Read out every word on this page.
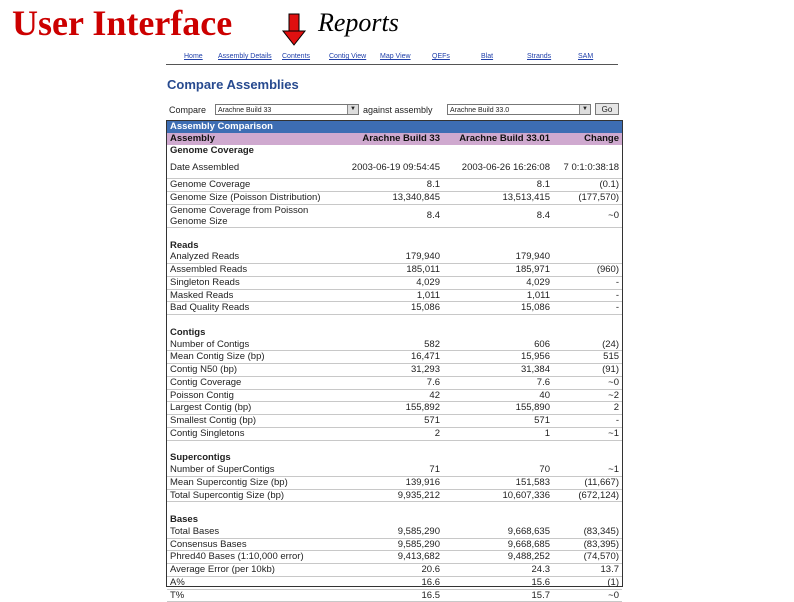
User Interface	Reports
Home Assembly Details Contents	Contig View Map View	QEFs	Blat	Strands	SAM
Compare Assemblies
Compare	Arachne Build 33	▼ against assembly	Arachne Build 33.0	▼	Go
Assembly Comparison			
Assembly	Arachne Build 33	Arachne Build 33.01	Change
Genome Coverage			
Date Assembled	2003-06-19 09:54:45	2003-06-26 16:26:08	7 0:1:0:38:18
Genome Coverage	8.1	8.1	(0.1)
Genome Size (Poisson Distribution)	13,340,845	13,513,415	(177,570)
Genome Coverage from Poisson Genome Size	8.4	8.4	~0

Reads			
Analyzed Reads	179,940	179,940	
Assembled Reads	185,011	185,971	(960)
Singleton Reads	4,029	4,029	-
Masked Reads	1,011	1,011	-
Bad Quality Reads	15,086	15,086	-

Contigs			
Number of Contigs	582	606	(24)
Mean Contig Size (bp)	16,471	15,956	515
Contig N50 (bp)	31,293	31,384	(91)
Contig Coverage	7.6	7.6	~0
Poisson Contig	42	40	~2
Largest Contig (bp)	155,892	155,890	2
Smallest Contig (bp)	571	571	-
Contig Singletons	2	1	~1

Supercontigs			
Number of SuperContigs	71	70	~1
Mean Supercontig Size (bp)	139,916	151,583	(11,667)
Total Supercontig Size (bp)	9,935,212	10,607,336	(672,124)

Bases			
Total Bases	9,585,290	9,668,635	(83,345)
Consensus Bases	9,585,290	9,668,685	(83,395)
Phred40 Bases (1:10,000 error)	9,413,682	9,488,252	(74,570)
Average Error (per 10kb)	20.6	24.3	13.7
A%	16.6	15.6	(1)
T%	16.5	15.7	~0
